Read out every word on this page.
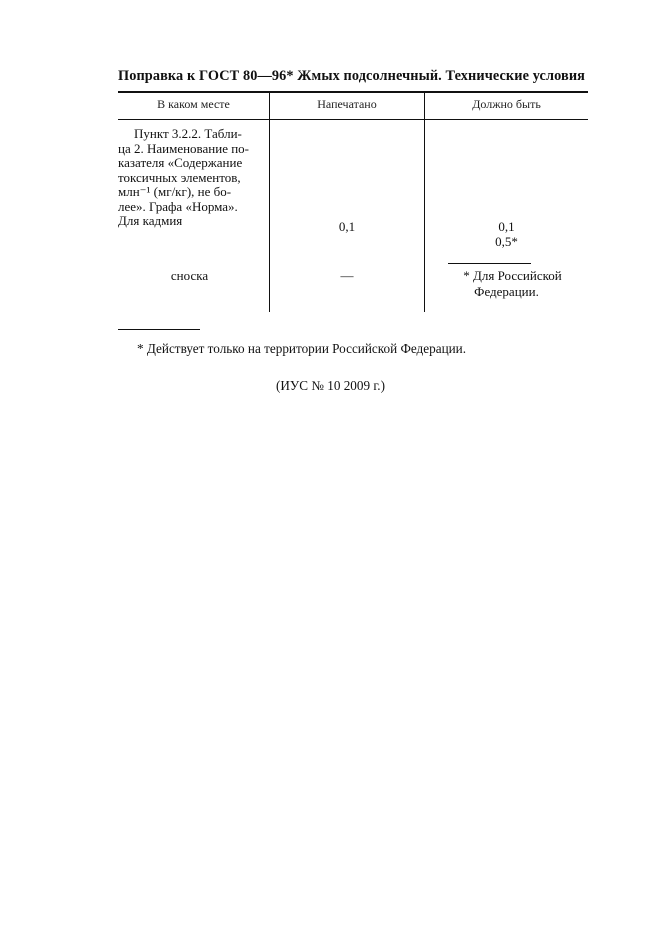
Поправка к ГОСТ 80—96* Жмых подсолнечный. Технические условия
В каком месте	Напечатано	Должно быть
Пункт 3.2.2. Табли-
ца 2. Наименование по-
казателя «Содержание
токсичных элементов,
млн⁻¹ (мг/кг), не бо-
лее». Графа «Норма».
Для кадмия	0,1	0,1
0,5*
сноска	—	* Для Российской
Федерации.
* Действует только на территории Российской Федерации.
(ИУС № 10 2009 г.)
